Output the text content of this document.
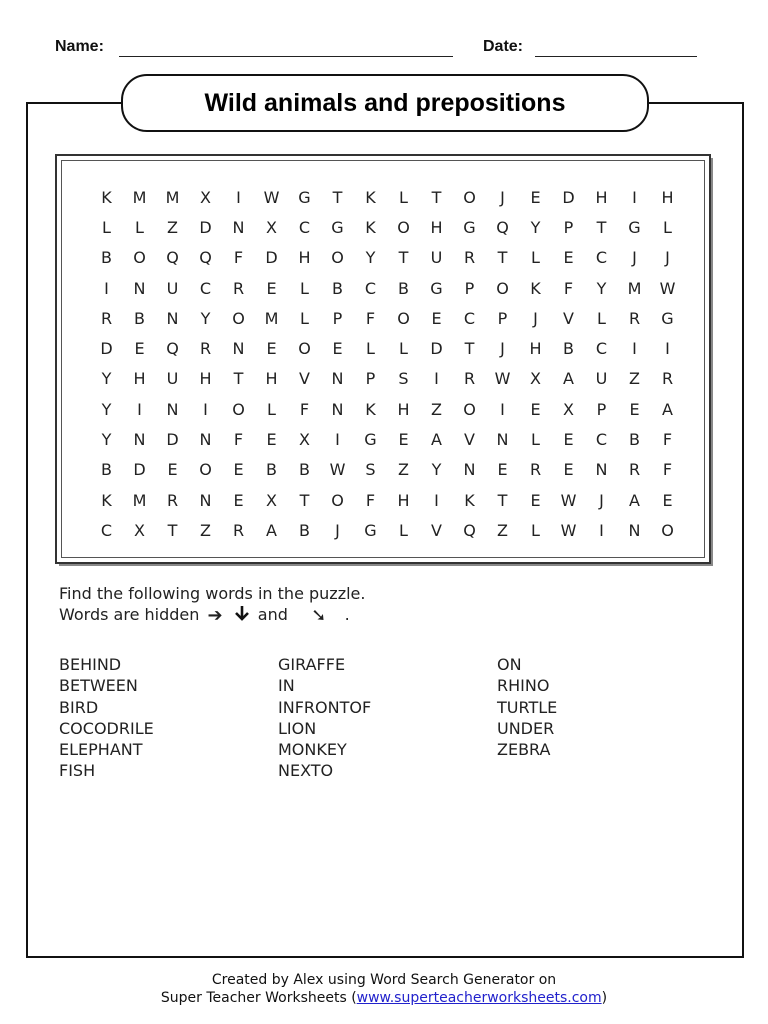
Name:	Date:
Wild animals and prepositions
K	M	M	X	I	W	G	T	K	L	T	O	J	E	D	H	I	H
L	L	Z	D	N	X	C	G	K	O	H	G	Q	Y	P	T	G	L
B	O	Q	Q	F	D	H	O	Y	T	U	R	T	L	E	C	J	J
I	N	U	C	R	E	L	B	C	B	G	P	O	K	F	Y	M	W
R	B	N	Y	O	M	L	P	F	O	E	C	P	J	V	L	R	G
D	E	Q	R	N	E	O	E	L	L	D	T	J	H	B	C	I	I
Y	H	U	H	T	H	V	N	P	S	I	R	W	X	A	U	Z	R
Y	I	N	I	O	L	F	N	K	H	Z	O	I	E	X	P	E	A
Y	N	D	N	F	E	X	I	G	E	A	V	N	L	E	C	B	F
B	D	E	O	E	B	B	W	S	Z	Y	N	E	R	E	N	R	F
K	M	R	N	E	X	T	O	F	H	I	K	T	E	W	J	A	E
C	X	T	Z	R	A	B	J	G	L	V	Q	Z	L	W	I	N	O
Find the following words in the puzzle.
Words are hidden ➔ and ➘ .
BEHIND
BETWEEN
BIRD
COCODRILE
ELEPHANT
FISH
GIRAFFE
IN
INFRONTOF
LION
MONKEY
NEXTO
ON
RHINO
TURTLE
UNDER
ZEBRA
Created by Alex using Word Search Generator on
Super Teacher Worksheets (www.superteacherworksheets.com)
